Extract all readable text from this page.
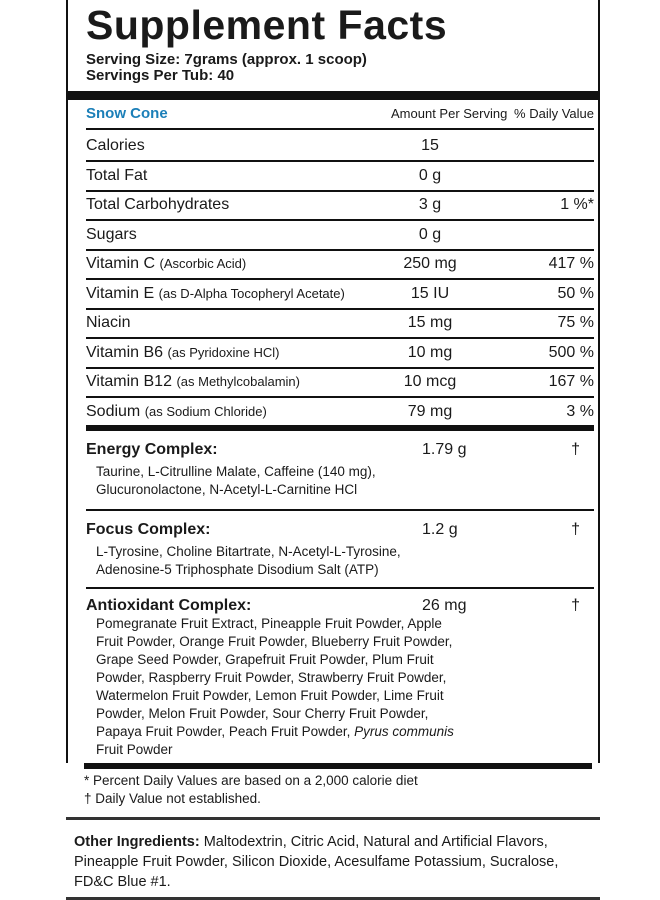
Supplement Facts
Serving Size: 7grams (approx. 1 scoop)
Servings Per Tub: 40
Snow Cone	Amount Per Serving % Daily Value
Calories	15
Total Fat	0 g
Total Carbohydrates	3 g	1 %*
Sugars	0 g
Vitamin C (Ascorbic Acid)	250 mg	417 %
Vitamin E (as D-Alpha Tocopheryl Acetate)	15 IU	50 %
Niacin	15 mg	75 %
Vitamin B6 (as Pyridoxine HCl)	10 mg	500 %
Vitamin B12 (as Methylcobalamin)	10 mcg	167 %
Sodium (as Sodium Chloride)	79 mg	3 %
Energy Complex:	1.79 g	†
Taurine, L-Citrulline Malate, Caffeine (140 mg),
Glucuronolactone, N-Acetyl-L-Carnitine HCl
Focus Complex:	1.2 g	†
L-Tyrosine, Choline Bitartrate, N-Acetyl-L-Tyrosine,
Adenosine-5 Triphosphate Disodium Salt (ATP)
Antioxidant Complex:	26 mg	†
Pomegranate Fruit Extract, Pineapple Fruit Powder, Apple
Fruit Powder, Orange Fruit Powder, Blueberry Fruit Powder,
Grape Seed Powder, Grapefruit Fruit Powder, Plum Fruit
Powder, Raspberry Fruit Powder, Strawberry Fruit Powder,
Watermelon Fruit Powder, Lemon Fruit Powder, Lime Fruit
Powder, Melon Fruit Powder, Sour Cherry Fruit Powder,
Papaya Fruit Powder, Peach Fruit Powder, Pyrus communis
Fruit Powder
* Percent Daily Values are based on a 2,000 calorie diet
† Daily Value not established.
Other Ingredients: Maltodextrin, Citric Acid, Natural and Artificial Flavors,
Pineapple Fruit Powder, Silicon Dioxide, Acesulfame Potassium, Sucralose,
FD&C Blue #1.
